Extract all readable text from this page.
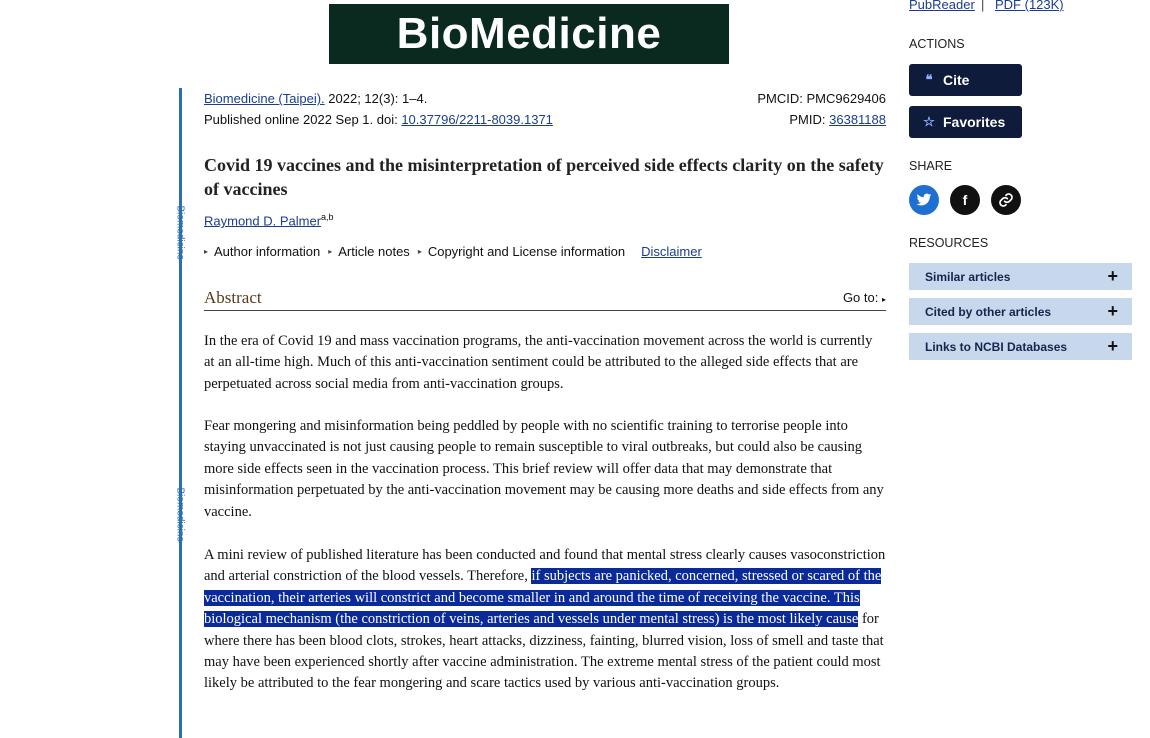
BioMedicine
Biomedicine
Biomedicine
Biomedicine (Taipei). 2022; 12(3): 1–4.
Published online 2022 Sep 1. doi: 10.37796/2211-8039.1371
PMCID: PMC9629406
PMID: 36381188
Covid 19 vaccines and the misinterpretation of perceived side effects clarity on the safety of vaccines
Raymond D. Palmer$^{a,b}$
▸ Author information ▸ Article notes ▸ Copyright and License information Disclaimer
Abstract	Go to: ▸
In the era of Covid 19 and mass vaccination programs, the anti-vaccination movement across the world is currently at an all-time high. Much of this anti-vaccination sentiment could be attributed to the alleged side effects that are perpetuated across social media from anti-vaccination groups.
Fear mongering and misinformation being peddled by people with no scientific training to terrorise people into staying unvaccinated is not just causing people to remain susceptible to viral outbreaks, but could also be causing more side effects seen in the vaccination process. This brief review will offer data that may demonstrate that misinformation perpetuated by the anti-vaccination movement may be causing more deaths and side effects from any vaccine.
A mini review of published literature has been conducted and found that mental stress clearly causes vasoconstriction and arterial constriction of the blood vessels. Therefore, if subjects are panicked, concerned, stressed or scared of the vaccination, their arteries will constrict and become smaller in and around the time of receiving the vaccine. This biological mechanism (the constriction of veins, arteries and vessels under mental stress) is the most likely cause for where there has been blood clots, strokes, heart attacks, dizziness, fainting, blurred vision, loss of smell and taste that may have been experienced shortly after vaccine administration. The extreme mental stress of the patient could most likely be attributed to the fear mongering and scare tactics used by various anti-vaccination groups.
PubReader | PDF (123K)
ACTIONS
❝ Cite
☆ Favorites
SHARE
f
RESOURCES
Similar articles	+
Cited by other articles	+
Links to NCBI Databases +
